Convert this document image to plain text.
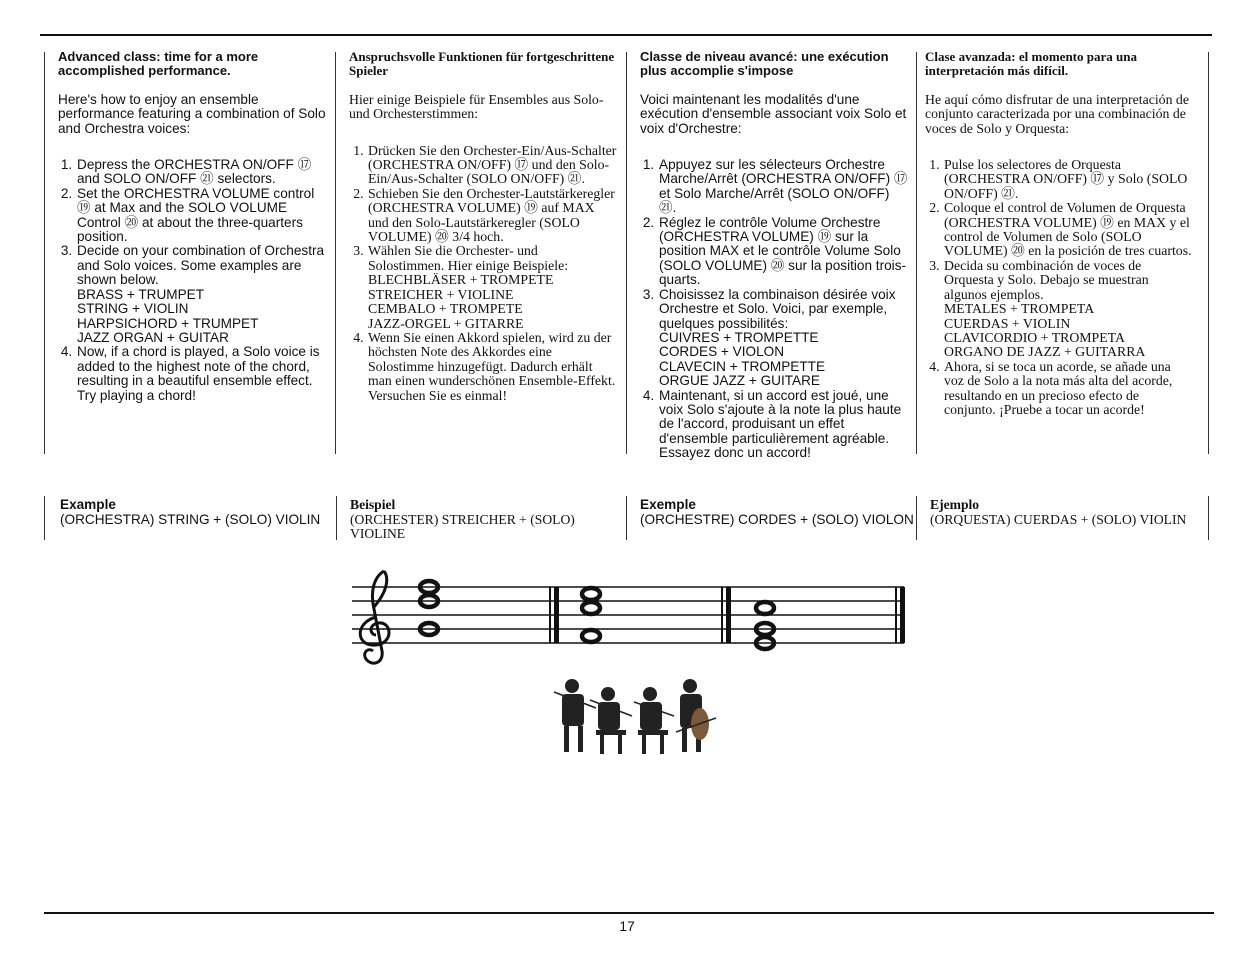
Advanced class: time for a more accomplished performance.

Here's how to enjoy an ensemble performance featuring a combination of Solo and Orchestra voices:

1. Depress the ORCHESTRA ON/OFF ⑰ and SOLO ON/OFF ㉑ selectors.
2. Set the ORCHESTRA VOLUME control ⑲ at Max and the SOLO VOLUME Control ⑳ at about the three-quarters position.
3. Decide on your combination of Orchestra and Solo voices. Some examples are shown below.
BRASS + TRUMPET
STRING + VIOLIN
HARPSICHORD + TRUMPET
JAZZ ORGAN + GUITAR
4. Now, if a chord is played, a Solo voice is added to the highest note of the chord, resulting in a beautiful ensemble effect. Try playing a chord!

Anspruchsvolle Funktionen für fortgeschrittene Spieler

Hier einige Beispiele für Ensembles aus Solo- und Orchesterstimmen:

1. Drücken Sie den Orchester-Ein/Aus-Schalter (ORCHESTRA ON/OFF) ⑰ und den Solo-Ein/Aus-Schalter (SOLO ON/OFF) ㉑.
2. Schieben Sie den Orchester-Lautstärkeregler (ORCHESTRA VOLUME) ⑲ auf MAX und den Solo-Lautstärkeregler (SOLO VOLUME) ⑳ 3/4 hoch.
3. Wählen Sie die Orchester- und Solostimmen. Hier einige Beispiele:
BLECHBLÄSER + TROMPETE
STREICHER + VIOLINE
CEMBALO + TROMPETE
JAZZ-ORGEL + GITARRE
4. Wenn Sie einen Akkord spielen, wird zu der höchsten Note des Akkordes eine Solostimme hinzugefügt. Dadurch erhält man einen wunderschönen Ensemble-Effekt. Versuchen Sie es einmal!

Classe de niveau avancé: une exécution plus accomplie s'impose

Voici maintenant les modalités d'une exécution d'ensemble associant voix Solo et voix d'Orchestre:

1. Appuyez sur les sélecteurs Orchestre Marche/Arrêt (ORCHESTRA ON/OFF) ⑰ et Solo Marche/Arrêt (SOLO ON/OFF) ㉑.
2. Réglez le contrôle Volume Orchestre (ORCHESTRA VOLUME) ⑲ sur la position MAX et le contrôle Volume Solo (SOLO VOLUME) ⑳ sur la position trois-quarts.
3. Choisissez la combinaison désirée voix Orchestre et Solo. Voici, par exemple, quelques possibilités:
CUIVRES + TROMPETTE
CORDES + VIOLON
CLAVECIN + TROMPETTE
ORGUE JAZZ + GUITARE
4. Maintenant, si un accord est joué, une voix Solo s'ajoute à la note la plus haute de l'accord, produisant un effet d'ensemble particulièrement agréable. Essayez donc un accord!

Clase avanzada: el momento para una interpretación más difícil.

He aquí cómo disfrutar de una interpretación de conjunto caracterizada por una combinación de voces de Solo y Orquesta:

1. Pulse los selectores de Orquesta (ORCHESTRA ON/OFF) ⑰ y Solo (SOLO ON/OFF) ㉑.
2. Coloque el control de Volumen de Orquesta (ORCHESTRA VOLUME) ⑲ en MAX y el control de Volumen de Solo (SOLO VOLUME) ⑳ en la posición de tres cuartos.
3. Decida su combinación de voces de Orquesta y Solo. Debajo se muestran algunos ejemplos.
METALES + TROMPETA
CUERDAS + VIOLIN
CLAVICORDIO + TROMPETA
ORGANO DE JAZZ + GUITARRA
4. Ahora, si se toca un acorde, se añade una voz de Solo a la nota más alta del acorde, resultando en un precioso efecto de conjunto. ¡Pruebe a tocar un acorde!
Example
(ORCHESTRA) STRING + (SOLO) VIOLIN
Beispiel
(ORCHESTER) STREICHER + (SOLO) VIOLINE
Exemple
(ORCHESTRE) CORDES + (SOLO) VIOLON
Ejemplo
(ORQUESTA) CUERDAS + (SOLO) VIOLIN
17
